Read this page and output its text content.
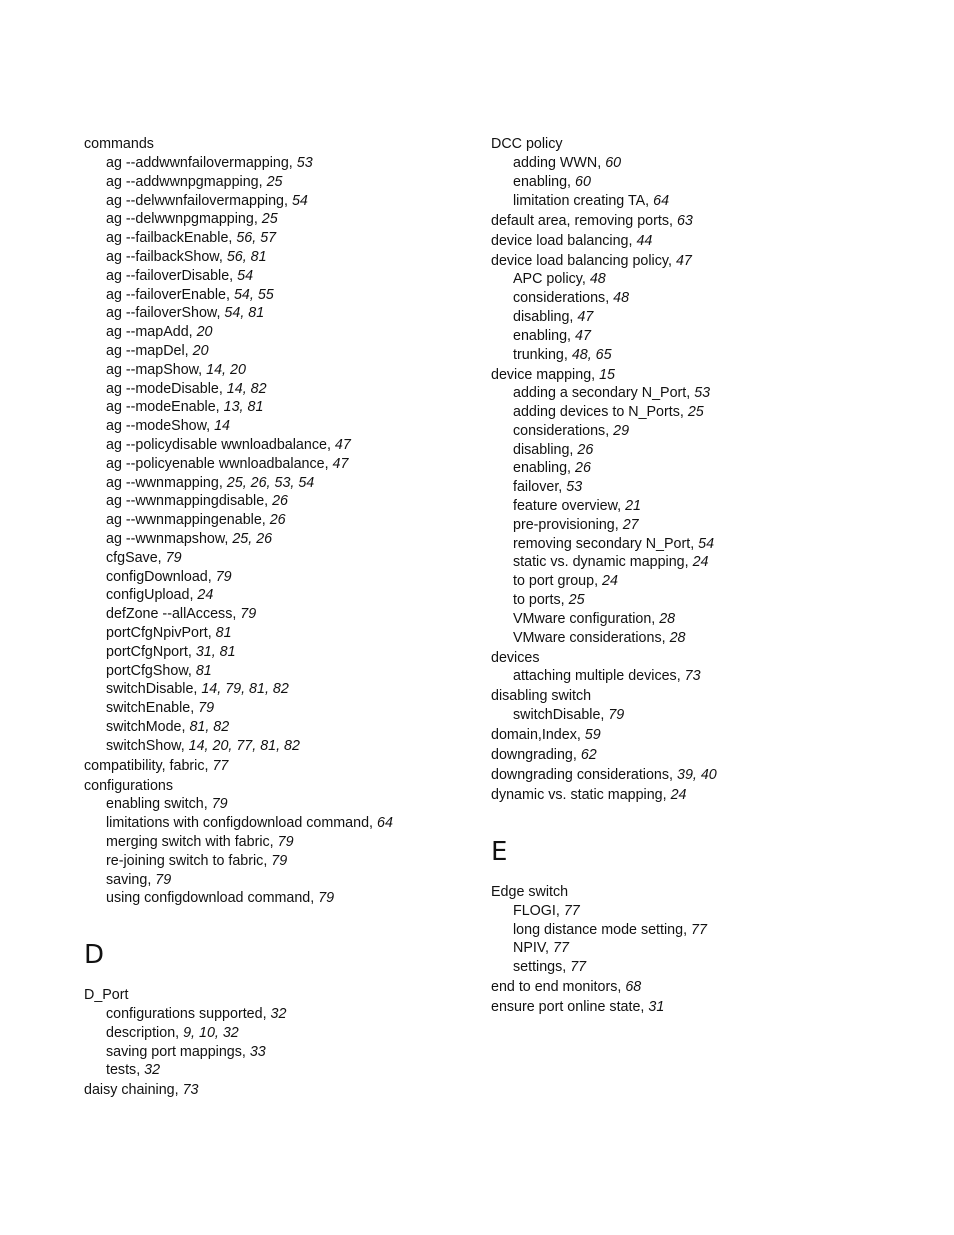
commands
ag --addwwnfailovermapping, 53
ag --addwwnpgmapping, 25
ag --delwwnfailovermapping, 54
ag --delwwnpgmapping, 25
ag --failbackEnable, 56, 57
ag --failbackShow, 56, 81
ag --failoverDisable, 54
ag --failoverEnable, 54, 55
ag --failoverShow, 54, 81
ag --mapAdd, 20
ag --mapDel, 20
ag --mapShow, 14, 20
ag --modeDisable, 14, 82
ag --modeEnable, 13, 81
ag --modeShow, 14
ag --policydisable wwnloadbalance, 47
ag --policyenable wwnloadbalance, 47
ag --wwnmapping, 25, 26, 53, 54
ag --wwnmappingdisable, 26
ag --wwnmappingenable, 26
ag --wwnmapshow, 25, 26
cfgSave, 79
configDownload, 79
configUpload, 24
defZone --allAccess, 79
portCfgNpivPort, 81
portCfgNport, 31, 81
portCfgShow, 81
switchDisable, 14, 79, 81, 82
switchEnable, 79
switchMode, 81, 82
switchShow, 14, 20, 77, 81, 82
compatibility, fabric, 77
configurations
enabling switch, 79
limitations with configdownload command, 64
merging switch with fabric, 79
re-joining switch to fabric, 79
saving, 79
using configdownload command, 79
D
D_Port
configurations supported, 32
description, 9, 10, 32
saving port mappings, 33
tests, 32
daisy chaining, 73
DCC policy
adding WWN, 60
enabling, 60
limitation creating TA, 64
default area, removing ports, 63
device load balancing, 44
device load balancing policy, 47
APC policy, 48
considerations, 48
disabling, 47
enabling, 47
trunking, 48, 65
device mapping, 15
adding a secondary N_Port, 53
adding devices to N_Ports, 25
considerations, 29
disabling, 26
enabling, 26
failover, 53
feature overview, 21
pre-provisioning, 27
removing secondary N_Port, 54
static vs. dynamic mapping, 24
to port group, 24
to ports, 25
VMware configuration, 28
VMware considerations, 28
devices
attaching multiple devices, 73
disabling switch
switchDisable, 79
domain,Index, 59
downgrading, 62
downgrading considerations, 39, 40
dynamic vs. static mapping, 24
E
Edge switch
FLOGI, 77
long distance mode setting, 77
NPIV, 77
settings, 77
end to end monitors, 68
ensure port online state, 31
